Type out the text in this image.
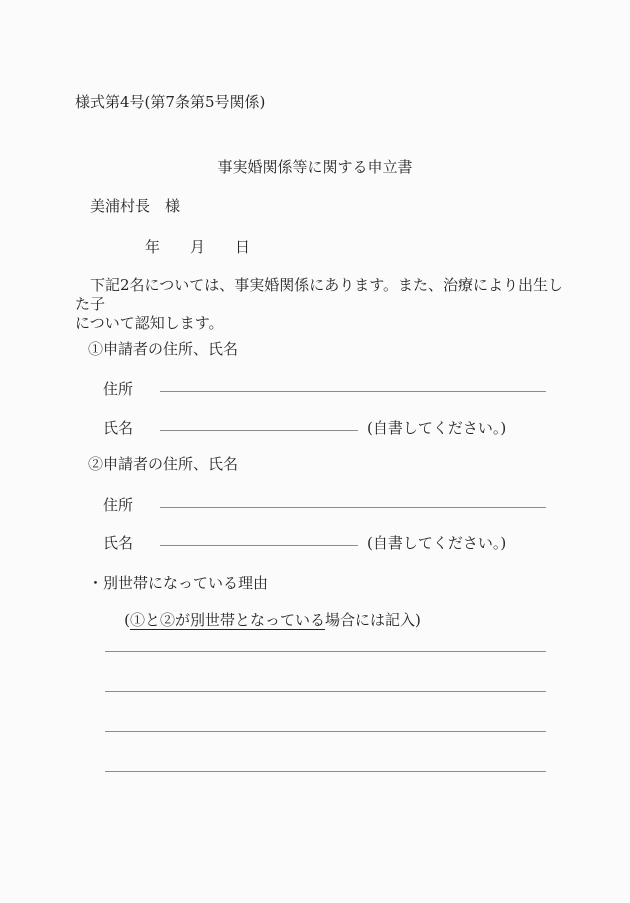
様式第4号(第7条第5号関係)
事実婚関係等に関する申立書
美浦村長　様
年　　月　　日
　下記2名については、事実婚関係にあります。また、治療により出生した子
について認知します。
①申請者の住所、氏名
住所
氏名	(自書してください。)
②申請者の住所、氏名
住所
氏名	(自書してください。)
・別世帯になっている理由

(①と②が別世帯となっている場合には記入)
